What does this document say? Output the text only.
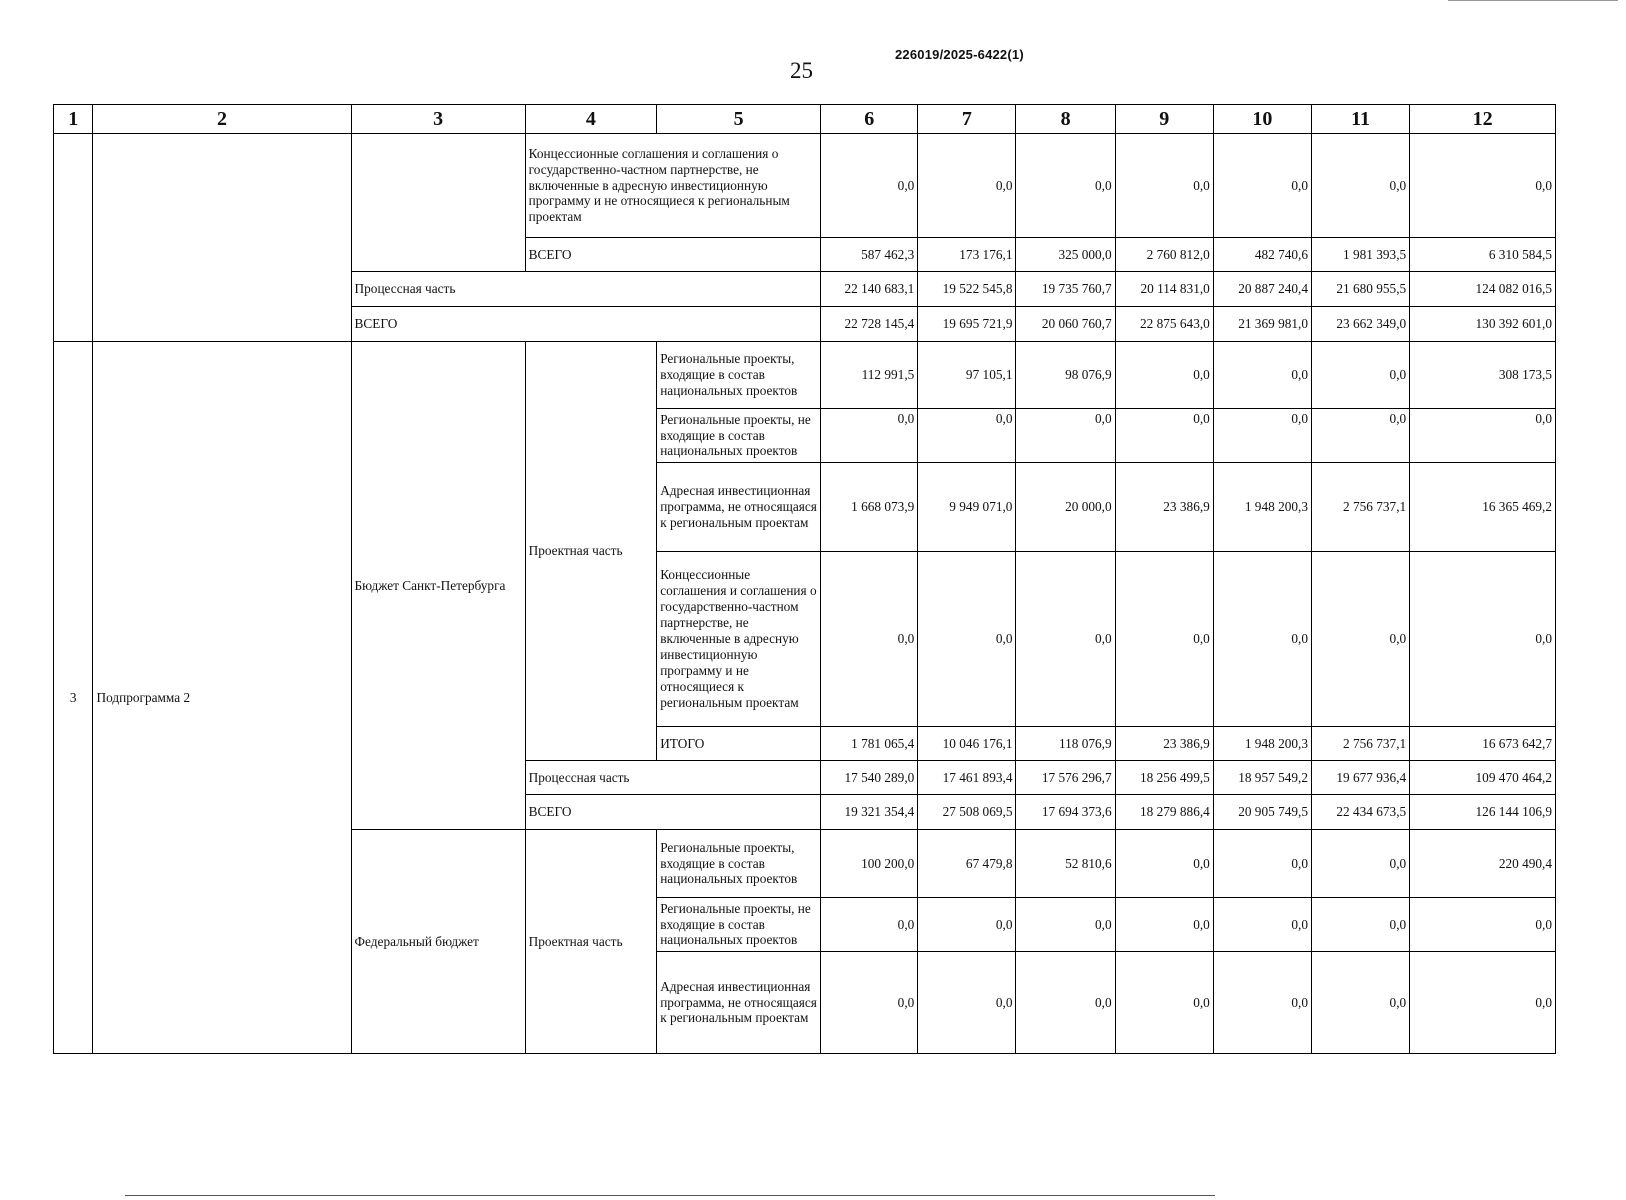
25
226019/2025-6422(1)
1	2	3	4	5	6	7	8	9	10	11	12
			Концессионные соглашения и соглашения о государственно-частном партнерстве, не включенные в адресную инвестиционную программу и не относящиеся к региональным проектам		0,0	0,0	0,0	0,0	0,0	0,0	0,0
			ВСЕГО		587 462,3	173 176,1	325 000,0	2 760 812,0	482 740,6	1 981 393,5	6 310 584,5
		Процессная часть			22 140 683,1	19 522 545,8	19 735 760,7	20 114 831,0	20 887 240,4	21 680 955,5	124 082 016,5
		ВСЕГО			22 728 145,4	19 695 721,9	20 060 760,7	22 875 643,0	21 369 981,0	23 662 349,0	130 392 601,0
3	Подпрограмма 2	Бюджет Санкт-Петербурга	Проектная часть	Региональные проекты, входящие в состав национальных проектов	112 991,5	97 105,1	98 076,9	0,0	0,0	0,0	308 173,5
				Региональные проекты, не входящие в состав национальных проектов	0,0	0,0	0,0	0,0	0,0	0,0	0,0
				Адресная инвестиционная программа, не относящаяся к региональным проектам	1 668 073,9	9 949 071,0	20 000,0	23 386,9	1 948 200,3	2 756 737,1	16 365 469,2
				Концессионные соглашения и соглашения о государственно-частном партнерстве, не включенные в адресную инвестиционную программу и не относящиеся к региональным проектам	0,0	0,0	0,0	0,0	0,0	0,0	0,0
				ИТОГО	1 781 065,4	10 046 176,1	118 076,9	23 386,9	1 948 200,3	2 756 737,1	16 673 642,7
			Процессная часть		17 540 289,0	17 461 893,4	17 576 296,7	18 256 499,5	18 957 549,2	19 677 936,4	109 470 464,2
			ВСЕГО		19 321 354,4	27 508 069,5	17 694 373,6	18 279 886,4	20 905 749,5	22 434 673,5	126 144 106,9
		Федеральный бюджет	Проектная часть	Региональные проекты, входящие в состав национальных проектов	100 200,0	67 479,8	52 810,6	0,0	0,0	0,0	220 490,4
				Региональные проекты, не входящие в состав национальных проектов	0,0	0,0	0,0	0,0	0,0	0,0	0,0
				Адресная инвестиционная программа, не относящаяся к региональным проектам	0,0	0,0	0,0	0,0	0,0	0,0	0,0
